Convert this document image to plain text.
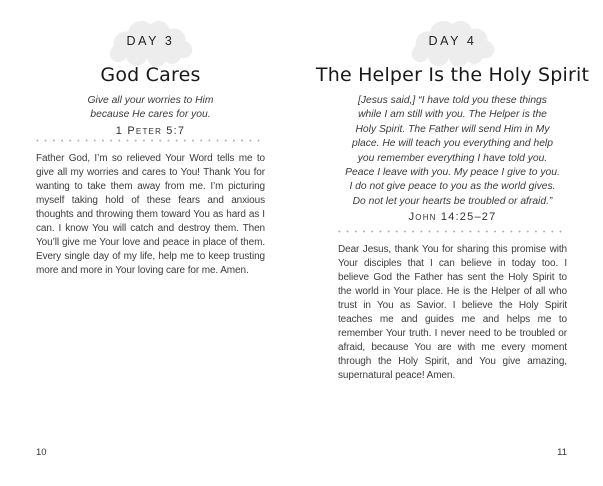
DAY 3
God Cares
Give all your worries to Him
because He cares for you.
1 Peter 5:7

Father God, I’m so relieved Your Word tells me to give all my worries and cares to You! Thank You for wanting to take them away from me. I’m picturing myself taking hold of these fears and anxious thoughts and throwing them toward You as hard as I can. I know You will catch and destroy them. Then You’ll give me Your love and peace in place of them. Every single day of my life, help me to keep trusting more and more in Your loving care for me. Amen.

10
DAY 4
The Helper Is the Holy Spirit
[Jesus said,] “I have told you these things
while I am still with you. The Helper is the
Holy Spirit. The Father will send Him in My
place. He will teach you everything and help
you remember everything I have told you.
Peace I leave with you. My peace I give to you.
I do not give peace to you as the world gives.
Do not let your hearts be troubled or afraid.”
John 14:25–27

Dear Jesus, thank You for sharing this promise with Your disciples that I can believe in today too. I believe God the Father has sent the Holy Spirit to the world in Your place. He is the Helper of all who trust in You as Savior. I believe the Holy Spirit teaches me and guides me and helps me to remember Your truth. I never need to be troubled or afraid, because You are with me every moment through the Holy Spirit, and You give amazing, supernatural peace! Amen.

11
